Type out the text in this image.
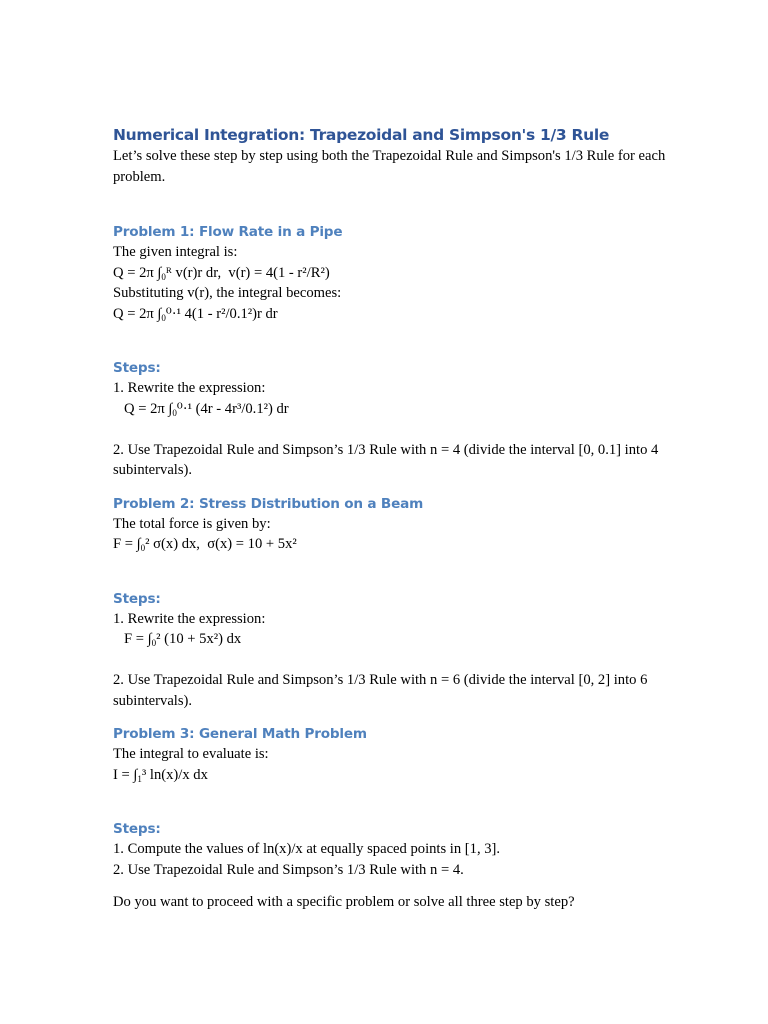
Numerical Integration: Trapezoidal and Simpson's 1/3 Rule

Let’s solve these step by step using both the Trapezoidal Rule and Simpson's 1/3 Rule for each problem.

Problem 1: Flow Rate in a Pipe

The given integral is:

Q = 2π $\int_0ᴿ$ v(r)r dr,  v(r) = 4(1 - r²/R²)

Substituting v(r), the integral becomes:

Q = 2π $\int_0^0\cdot^1$ 4(1 - r²/0.1²)r dr

Steps:

1. Rewrite the expression:

Q = 2π $\int_0^0\cdot^1$ (4r - 4r³/0.1²) dr

2. Use Trapezoidal Rule and Simpson’s 1/3 Rule with n = 4 (divide the interval [0, 0.1] into 4 subintervals).

Problem 2: Stress Distribution on a Beam

The total force is given by:

$F = \int_0^2$ σ(x) dx,  σ(x) = 10 + 5x²

Steps:

1. Rewrite the expression:

$F = \int_0^2$ (10 + 5x²) dx

2. Use Trapezoidal Rule and Simpson’s 1/3 Rule with n = 6 (divide the interval [0, 2] into 6 subintervals).

Problem 3: General Math Problem

The integral to evaluate is:

$I = \int_1^3$ ln(x)/x dx

Steps:

1. Compute the values of ln(x)/x at equally spaced points in [1, 3].

2. Use Trapezoidal Rule and Simpson’s 1/3 Rule with n = 4.

Do you want to proceed with a specific problem or solve all three step by step?
